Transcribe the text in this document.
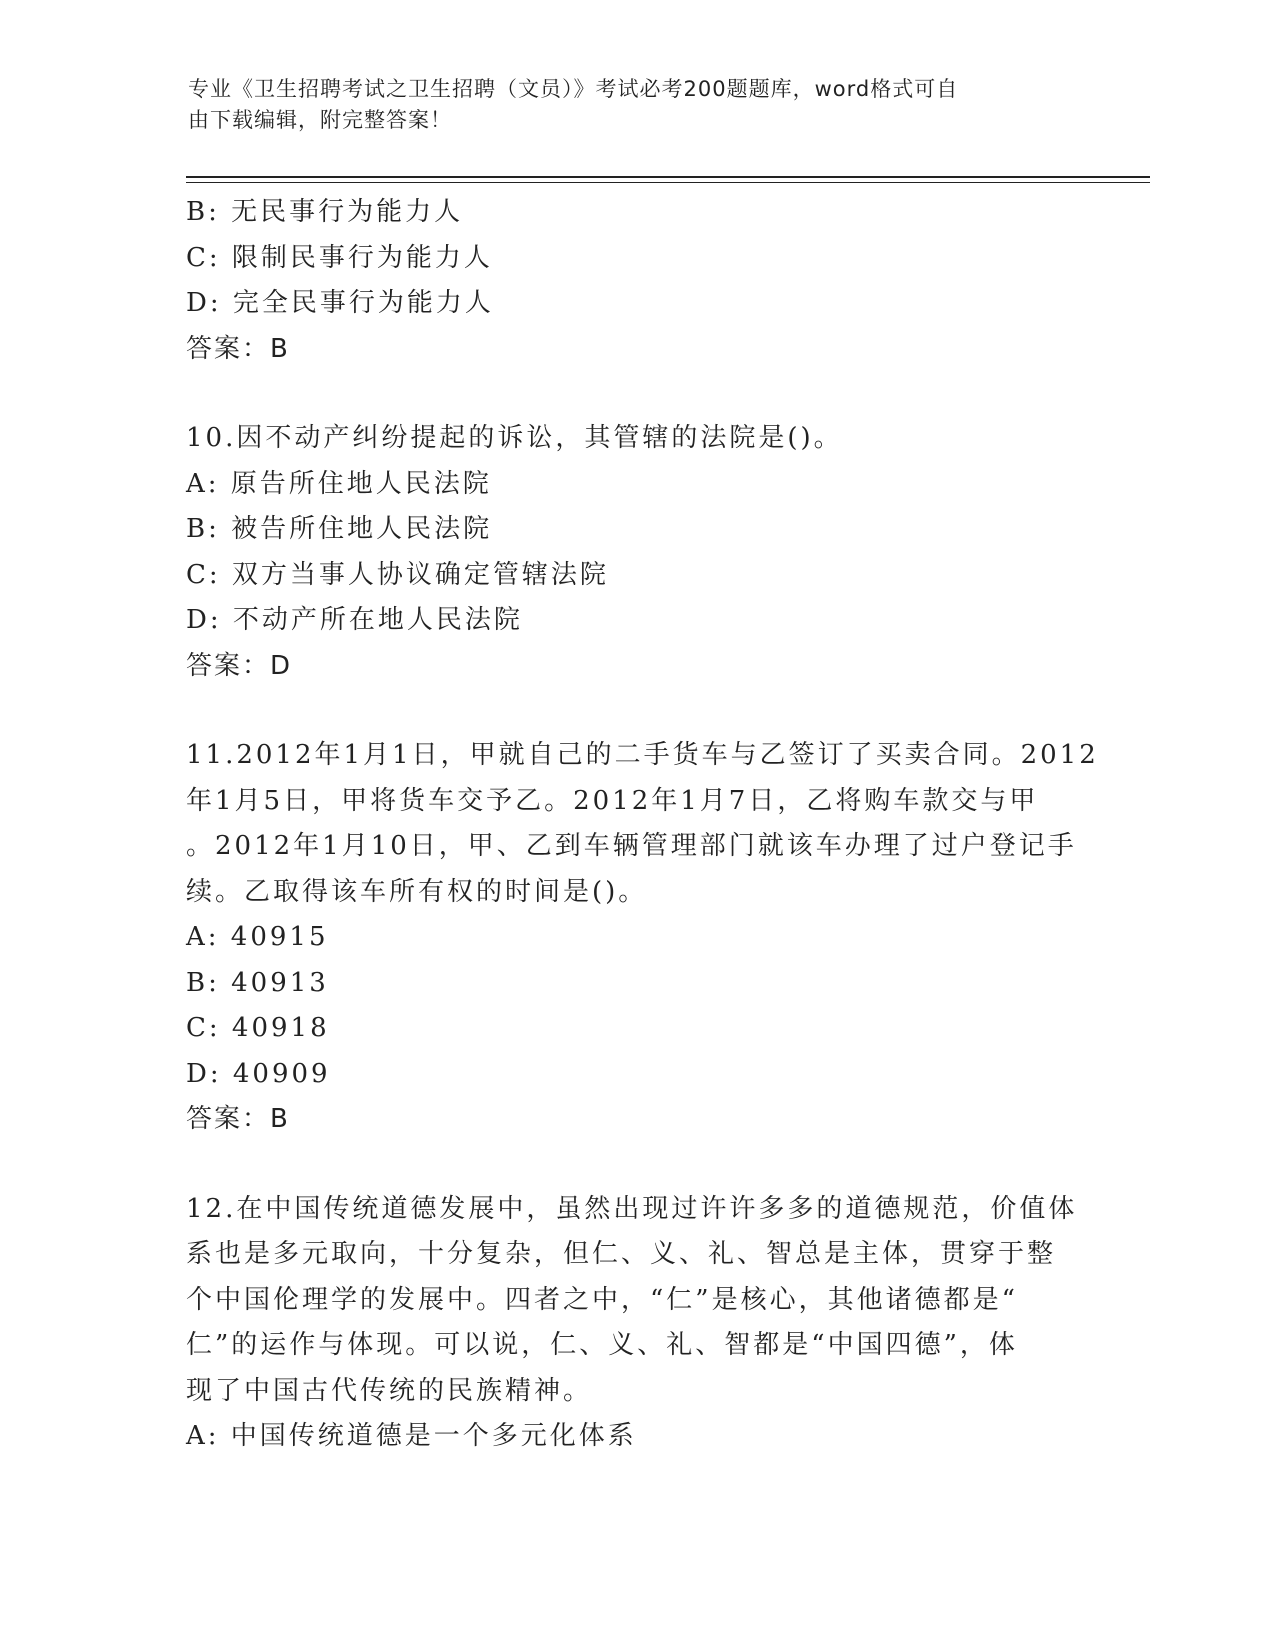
专业《卫生招聘考试之卫生招聘（文员）》考试必考200题题库，word格式可自
由下载编辑，附完整答案！
B: 无民事行为能力人
C: 限制民事行为能力人
D: 完全民事行为能力人
答案：B
10.因不动产纠纷提起的诉讼，其管辖的法院是()。
A: 原告所住地人民法院
B: 被告所住地人民法院
C: 双方当事人协议确定管辖法院
D: 不动产所在地人民法院
答案：D
11.2012年1月1日，甲就自己的二手货车与乙签订了买卖合同。2012
年1月5日，甲将货车交予乙。2012年1月7日，乙将购车款交与甲
。2012年1月10日，甲、乙到车辆管理部门就该车办理了过户登记手
续。乙取得该车所有权的时间是()。
A: 40915
B: 40913
C: 40918
D: 40909
答案：B
12.在中国传统道德发展中，虽然出现过许许多多的道德规范，价值体
系也是多元取向，十分复杂，但仁、义、礼、智总是主体，贯穿于整
个中国伦理学的发展中。四者之中，“仁”是核心，其他诸德都是“
仁”的运作与体现。可以说，仁、义、礼、智都是“中国四德”，体
现了中国古代传统的民族精神。
A: 中国传统道德是一个多元化体系
